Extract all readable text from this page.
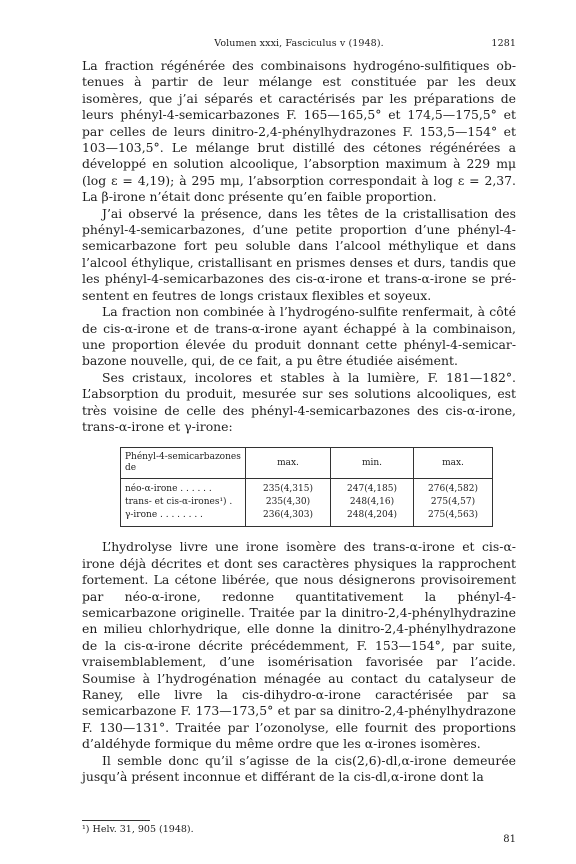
Volumen xxxi, Fasciculus v (1948).	1281

La fraction régénérée des combinaisons hydrogéno-sulfitiques obtenues à partir de leur mélange est constituée par les deux isomères, que j’ai séparés et caractérisés par les préparations de leurs phényl-4-semicarbazones F. 165—165,5° et 174,5—175,5° et par celles de leurs dinitro-2,4-phénylhydrazones F. 153,5—154° et 103—103,5°. Le mélange brut distillé des cétones régénérées a développé en solution alcoolique, l’absorption maximum à 229 mμ (log ε = 4,19); à 295 mμ, l’absorption correspondait à log ε = 2,37. La β-irone n’était donc présente qu’en faible proportion.

J’ai observé la présence, dans les têtes de la cristallisation des phényl-4-semicarbazones, d’une petite proportion d’une phényl-4-semicarbazone fort peu soluble dans l’alcool méthylique et dans l’alcool éthylique, cristallisant en prismes denses et durs, tandis que les phényl-4-semicarbazones des cis-α-irone et trans-α-irone se présentent en feutres de longs cristaux flexibles et soyeux.

La fraction non combinée à l’hydrogéno-sulfite renfermait, à côté de cis-α-irone et de trans-α-irone ayant échappé à la combinaison, une proportion élevée du produit donnant cette phényl-4-semicarbazone nouvelle, qui, de ce fait, a pu être étudiée aisément.

Ses cristaux, incolores et stables à la lumière, F. 181—182°. L’absorption du produit, mesurée sur ses solutions alcooliques, est très voisine de celle des phényl-4-semicarbazones des cis-α-irone, trans-α-irone et γ-irone:

Phényl-4-semicarbazones de	max.	min.	max.
néo-α-irone . . . . . .	235(4,315)	247(4,185)	276(4,582)
trans- et cis-α-irones¹) .	235(4,30)	248(4,16)	275(4,57)
γ-irone . . . . . . . .	236(4,303)	248(4,204)	275(4,563)

L’hydrolyse livre une irone isomère des trans-α-irone et cis-α-irone déjà décrites et dont ses caractères physiques la rapprochent fortement. La cétone libérée, que nous désignerons provisoirement par néo-α-irone, redonne quantitativement la phényl-4-semicarbazone originelle. Traitée par la dinitro-2,4-phénylhydrazine en milieu chlorhydrique, elle donne la dinitro-2,4-phénylhydrazone de la cis-α-irone décrite précédemment, F. 153—154°, par suite, vraisemblablement, d’une isomérisation favorisée par l’acide. Soumise à l’hydrogénation ménagée au contact du catalyseur de Raney, elle livre la cis-dihydro-α-irone caractérisée par sa semicarbazone F. 173—173,5° et par sa dinitro-2,4-phénylhydrazone F. 130—131°. Traitée par l’ozonolyse, elle fournit des proportions d’aldéhyde formique du même ordre que les α-irones isomères.

Il semble donc qu’il s’agisse de la cis(2,6)-dl,α-irone demeurée jusqu’à présent inconnue et différant de la cis-dl,α-irone dont la

¹) Helv. 31, 905 (1948).
81
